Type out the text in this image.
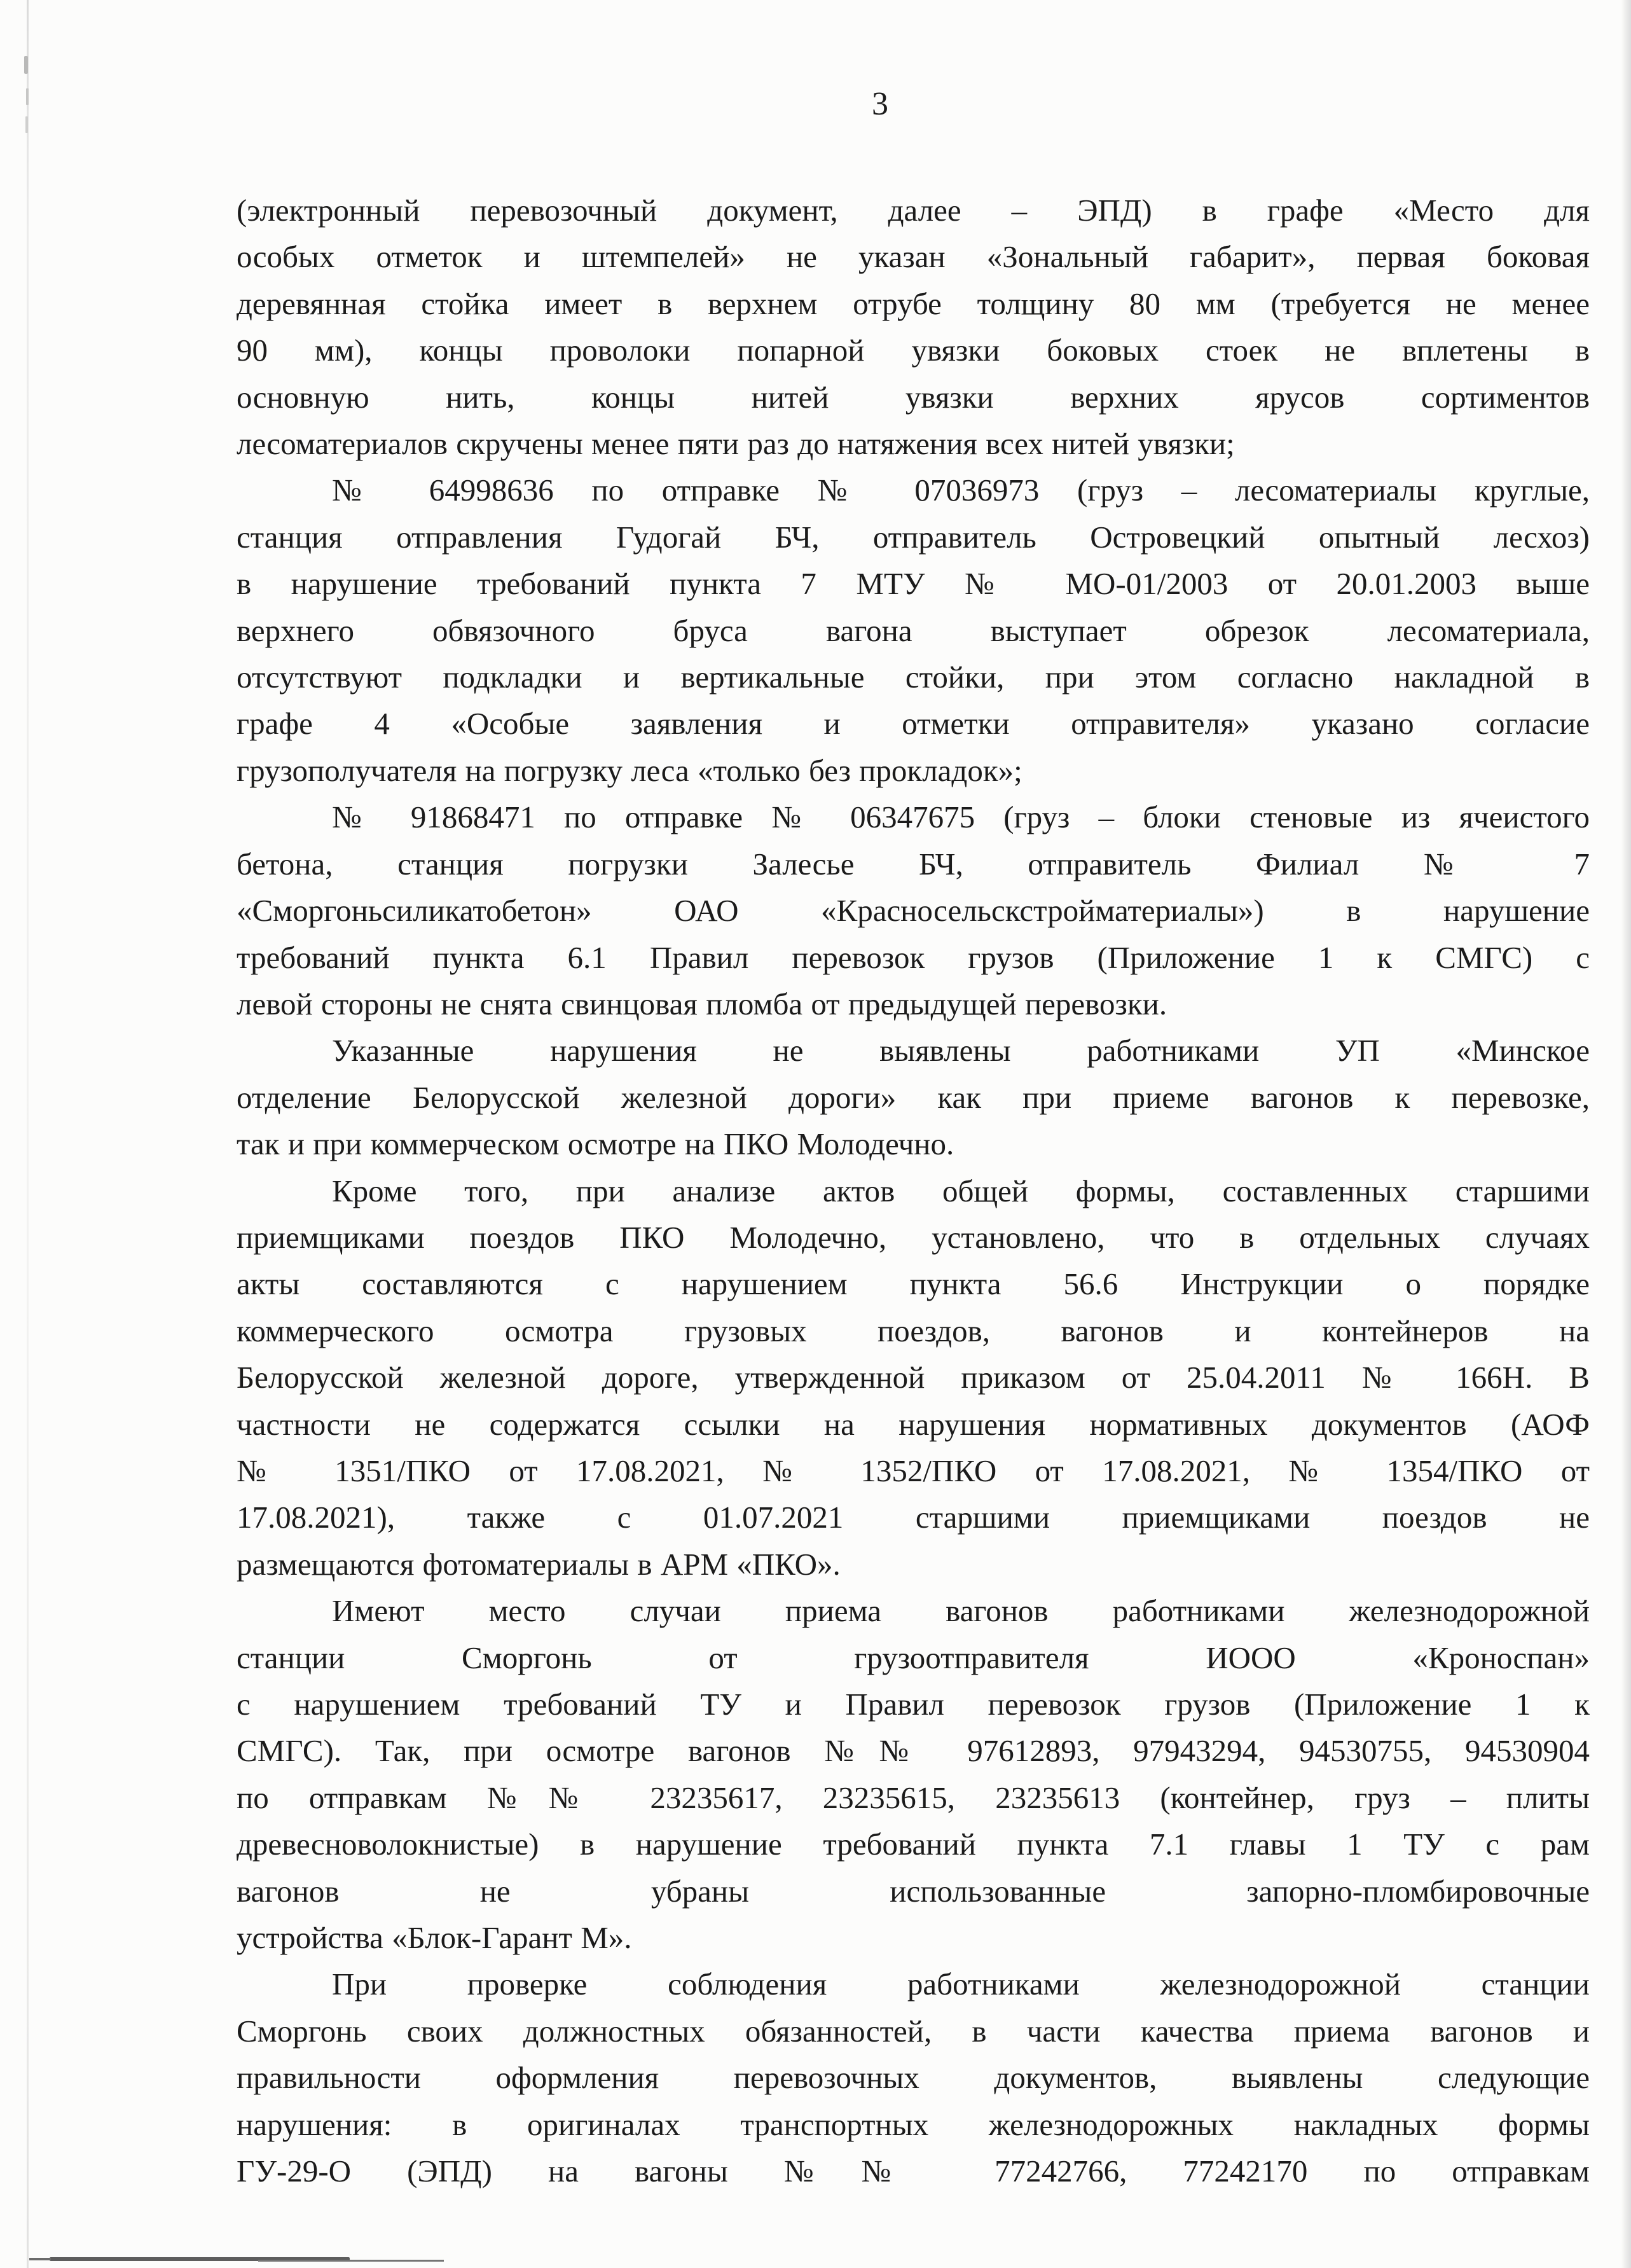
3
(электронный перевозочный документ, далее – ЭПД) в графе «Место для
особых отметок и штемпелей» не указан «Зональный габарит», первая боковая
деревянная стойка имеет в верхнем отрубе толщину 80 мм (требуется не менее
90 мм), концы проволоки попарной увязки боковых стоек не вплетены в
основную нить, концы нитей увязки верхних ярусов сортиментов
лесоматериалов скручены менее пяти раз до натяжения всех нитей увязки;
№ 64998636 по отправке № 07036973 (груз – лесоматериалы круглые,
станция отправления Гудогай БЧ, отправитель Островецкий опытный лесхоз)
в нарушение требований пункта 7 МТУ № МО-01/2003 от 20.01.2003 выше
верхнего обвязочного бруса вагона выступает обрезок лесоматериала,
отсутствуют подкладки и вертикальные стойки, при этом согласно накладной в
графе 4 «Особые заявления и отметки отправителя» указано согласие
грузополучателя на погрузку леса «только без прокладок»;
№ 91868471 по отправке № 06347675 (груз – блоки стеновые из ячеистого
бетона, станция погрузки Залесье БЧ, отправитель Филиал № 7
«Сморгоньсиликатобетон» ОАО «Красносельскстройматериалы») в нарушение
требований пункта 6.1 Правил перевозок грузов (Приложение 1 к СМГС) с
левой стороны не снята свинцовая пломба от предыдущей перевозки.
Указанные нарушения не выявлены работниками УП «Минское
отделение Белорусской железной дороги» как при приеме вагонов к перевозке,
так и при коммерческом осмотре на ПКО Молодечно.
Кроме того, при анализе актов общей формы, составленных старшими
приемщиками поездов ПКО Молодечно, установлено, что в отдельных случаях
акты составляются с нарушением пункта 56.6 Инструкции о порядке
коммерческого осмотра грузовых поездов, вагонов и контейнеров на
Белорусской железной дороге, утвержденной приказом от 25.04.2011 № 166Н. В
частности не содержатся ссылки на нарушения нормативных документов (АОФ
№ 1351/ПКО от 17.08.2021, № 1352/ПКО от 17.08.2021, № 1354/ПКО от
17.08.2021), также с 01.07.2021 старшими приемщиками поездов не
размещаются фотоматериалы в АРМ «ПКО».
Имеют место случаи приема вагонов работниками железнодорожной
станции Сморгонь от грузоотправителя ИООО «Кроноспан»
с нарушением требований ТУ и Правил перевозок грузов (Приложение 1 к
СМГС). Так, при осмотре вагонов №№ 97612893, 97943294, 94530755, 94530904
по отправкам №№ 23235617, 23235615, 23235613 (контейнер, груз – плиты
древесноволокнистые) в нарушение требований пункта 7.1 главы 1 ТУ с рам
вагонов не убраны использованные запорно-пломбировочные
устройства «Блок-Гарант М».
При проверке соблюдения работниками железнодорожной станции
Сморгонь своих должностных обязанностей, в части качества приема вагонов и
правильности оформления перевозочных документов, выявлены следующие
нарушения: в оригиналах транспортных железнодорожных накладных формы
ГУ-29-О (ЭПД) на вагоны №№ 77242766, 77242170 по отправкам
